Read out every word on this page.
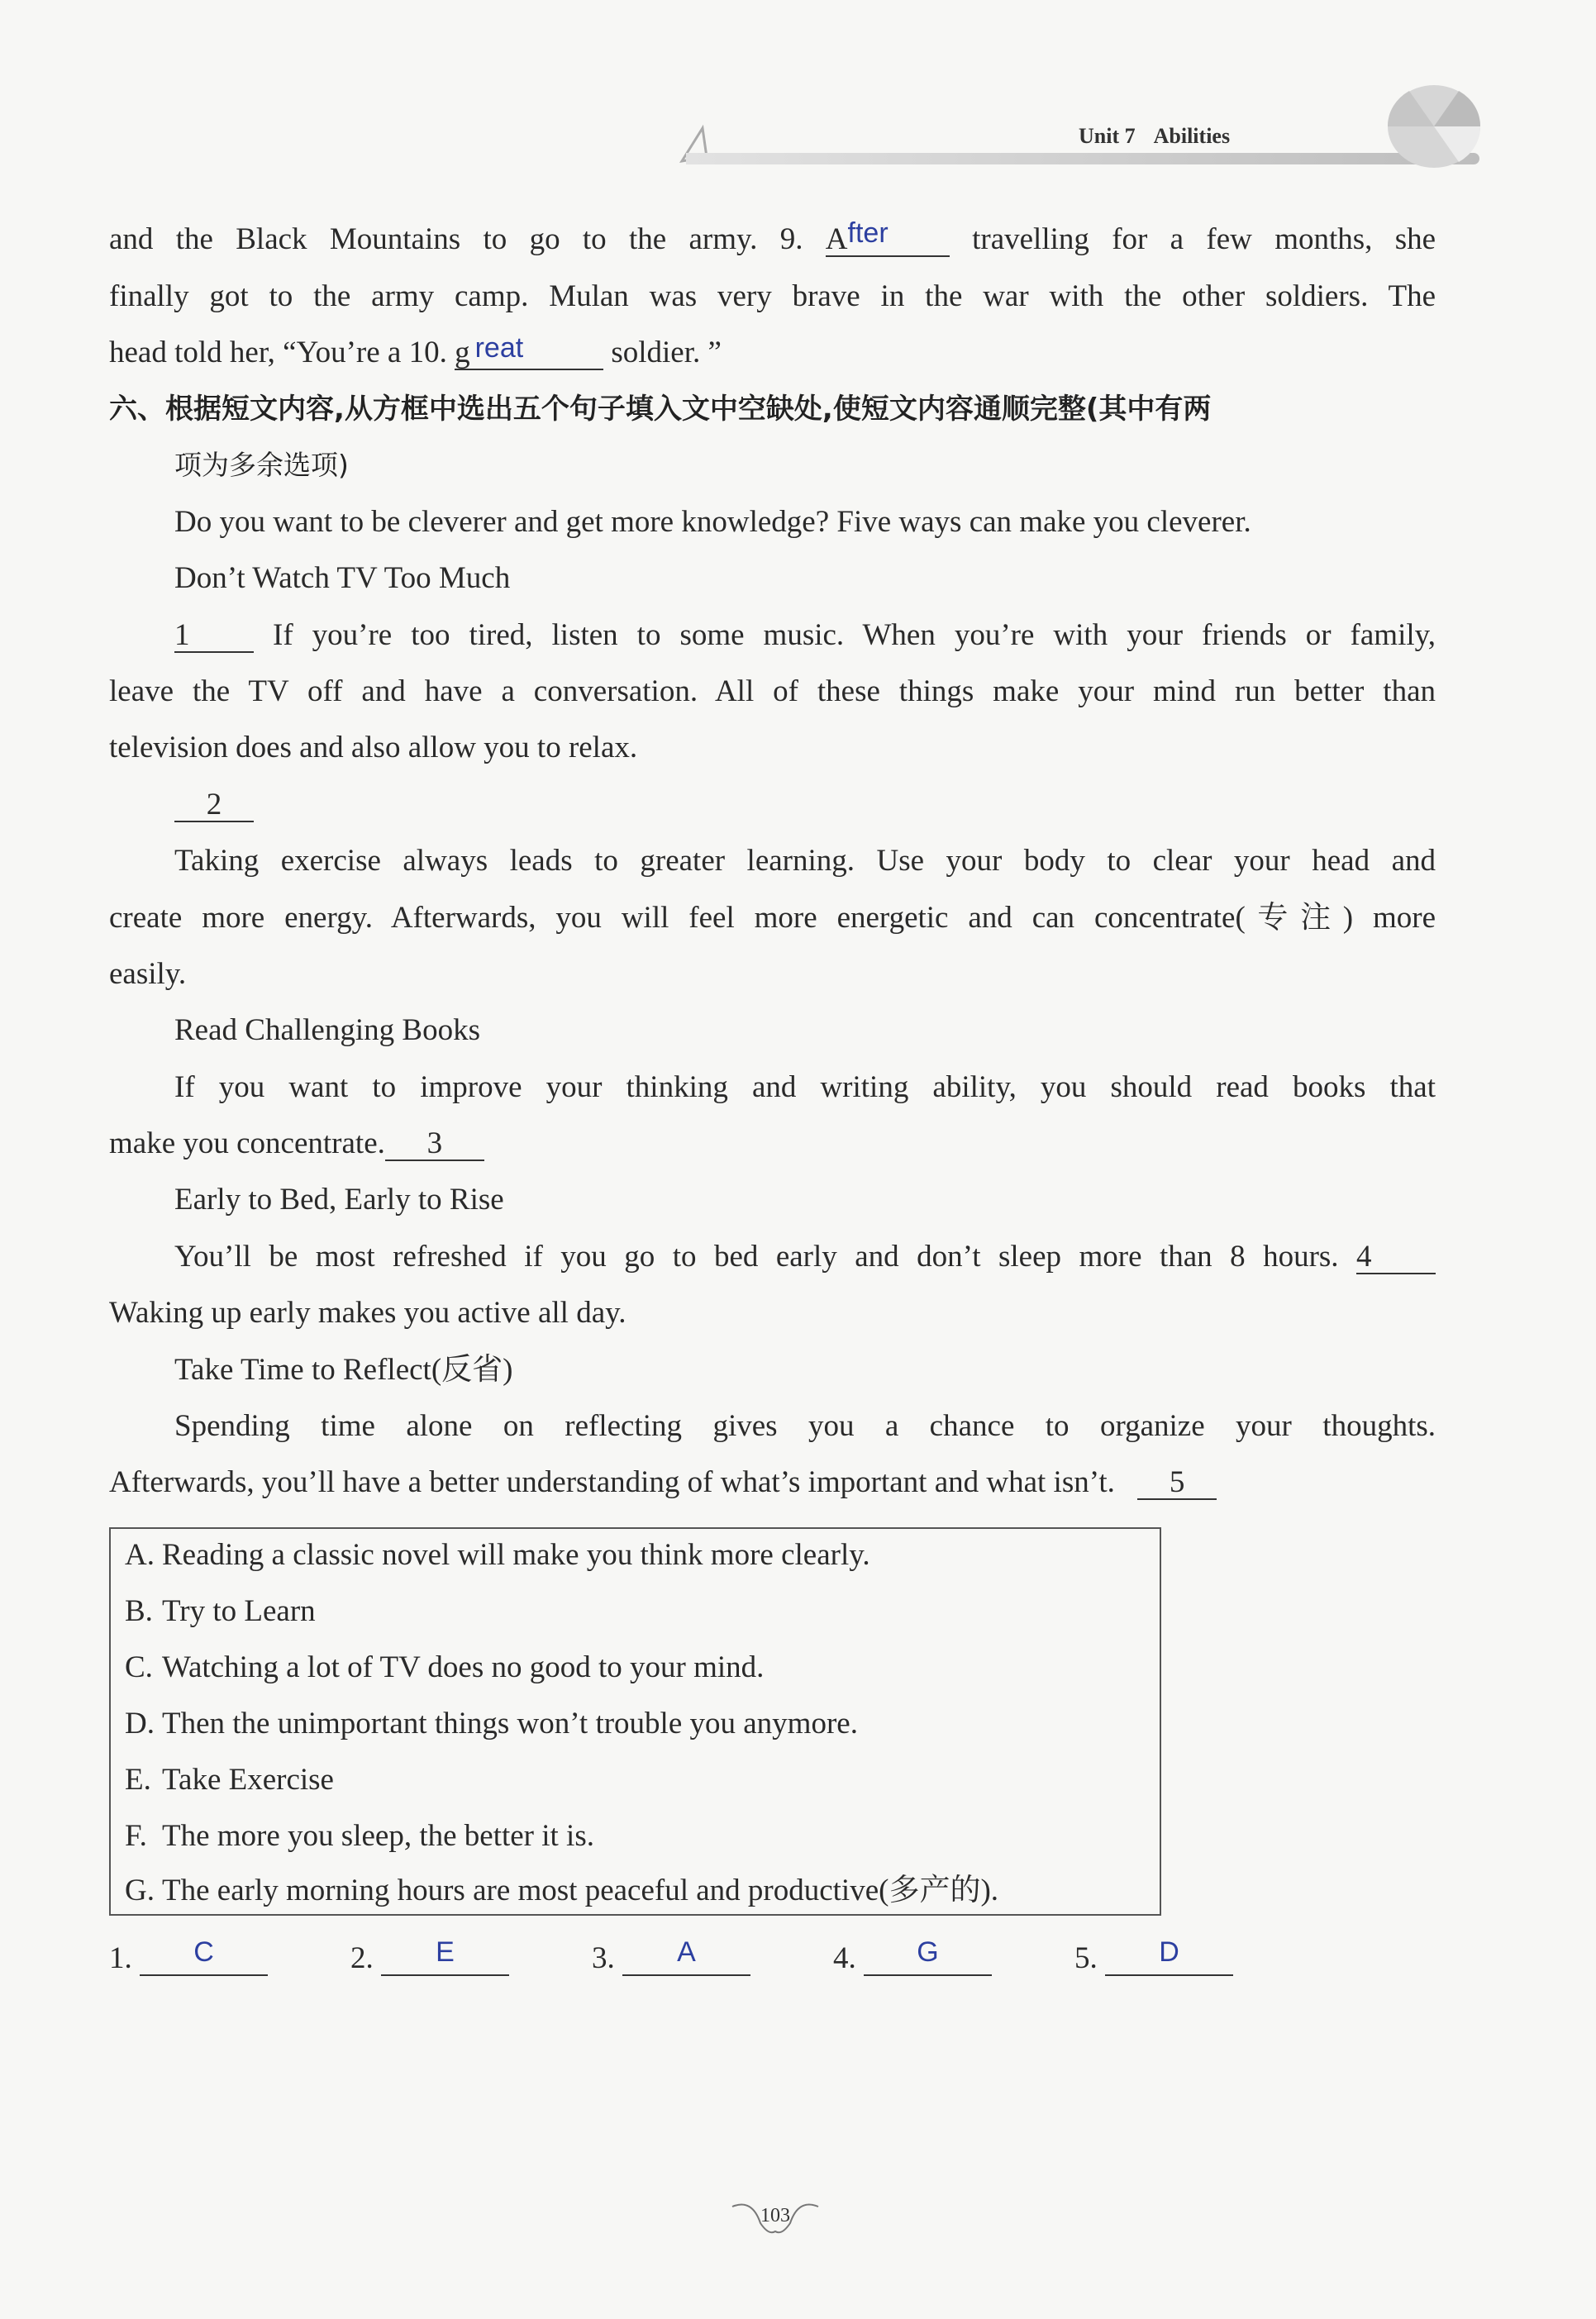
Unit 7 Abilities
and the Black Mountains to go to the army. 9. After	travelling for a few months, she
finally got to the army camp. Mulan was very brave in the war with the other soldiers. The
head told her, “You’re a 10. g reat	soldier. ”
六、根据短文内容,从方框中选出五个句子填入文中空缺处,使短文内容通顺完整(其中有两
项为多余选项)
Do you want to be cleverer and get more knowledge? Five ways can make you cleverer.
Don’t Watch TV Too Much
1	If you’re too tired, listen to some music. When you’re with your friends or family,
leave the TV off and have a conversation. All of these things make your mind run better than
television does and also allow you to relax.
2
Taking exercise always leads to greater learning. Use your body to clear your head and
create more energy. Afterwards, you will feel more energetic and can concentrate(专注) more
easily.
Read Challenging Books
If you want to improve your thinking and writing ability, you should read books that
make you concentrate. 3
Early to Bed, Early to Rise
You’ll be most refreshed if you go to bed early and don’t sleep more than 8 hours. 4
Waking up early makes you active all day.
Take Time to Reflect(反省)
Spending time alone on reflecting gives you a chance to organize your thoughts.
Afterwards, you’ll have a better understanding of what’s important and what isn’t. 5
A. Reading a classic novel will make you think more clearly.
B. Try to Learn
C. Watching a lot of TV does no good to your mind.
D. Then the unimportant things won’t trouble you anymore.
E. Take Exercise
F. The more you sleep, the better it is.
G. The early morning hours are most peaceful and productive(多产的).
1. C	2. E	3. A	4. G	5. D
103
